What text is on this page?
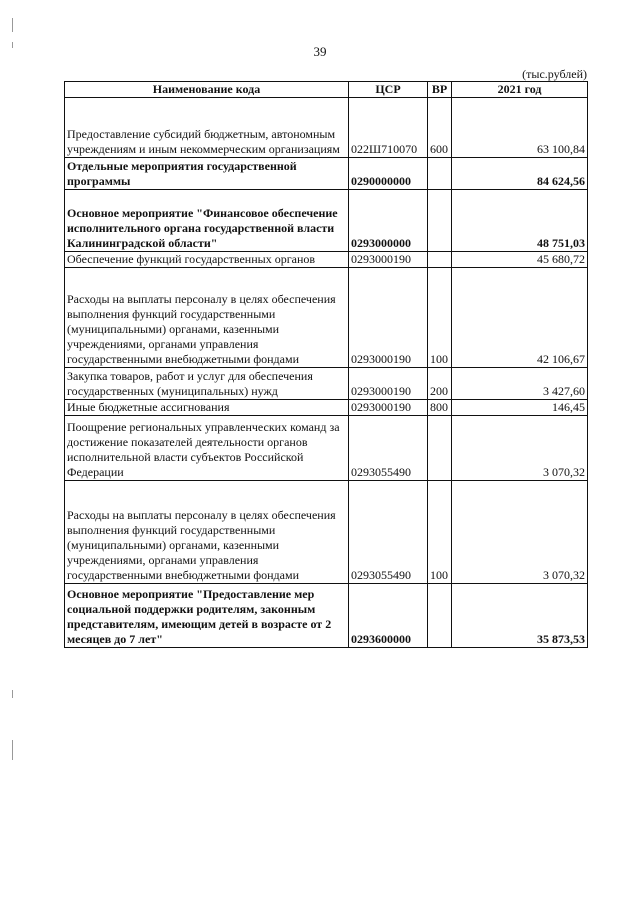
39
(тыс.рублей)
Наименование кода	ЦСР	ВР	2021 год
Предоставление субсидий бюджетным, автономным учреждениям и иным некоммерческим организациям	022Ш710070	600	63 100,84
Отдельные мероприятия государственной программы	0290000000		84 624,56
Основное мероприятие "Финансовое обеспечение исполнительного органа государственной власти Калининградской области"	0293000000		48 751,03
Обеспечение функций государственных органов	0293000190		45 680,72
Расходы на выплаты персоналу в целях обеспечения выполнения функций государственными (муниципальными) органами, казенными учреждениями, органами управления государственными внебюджетными фондами	0293000190	100	42 106,67
Закупка товаров, работ и услуг для обеспечения государственных (муниципальных) нужд	0293000190	200	3 427,60
Иные бюджетные ассигнования	0293000190	800	146,45
Поощрение региональных управленческих команд за достижение показателей деятельности органов исполнительной власти субъектов Российской Федерации	0293055490		3 070,32
Расходы на выплаты персоналу в целях обеспечения выполнения функций государственными (муниципальными) органами, казенными учреждениями, органами управления государственными внебюджетными фондами	0293055490	100	3 070,32
Основное мероприятие "Предоставление мер социальной поддержки родителям, законным представителям, имеющим детей в возрасте от 2 месяцев до 7 лет"	0293600000		35 873,53
